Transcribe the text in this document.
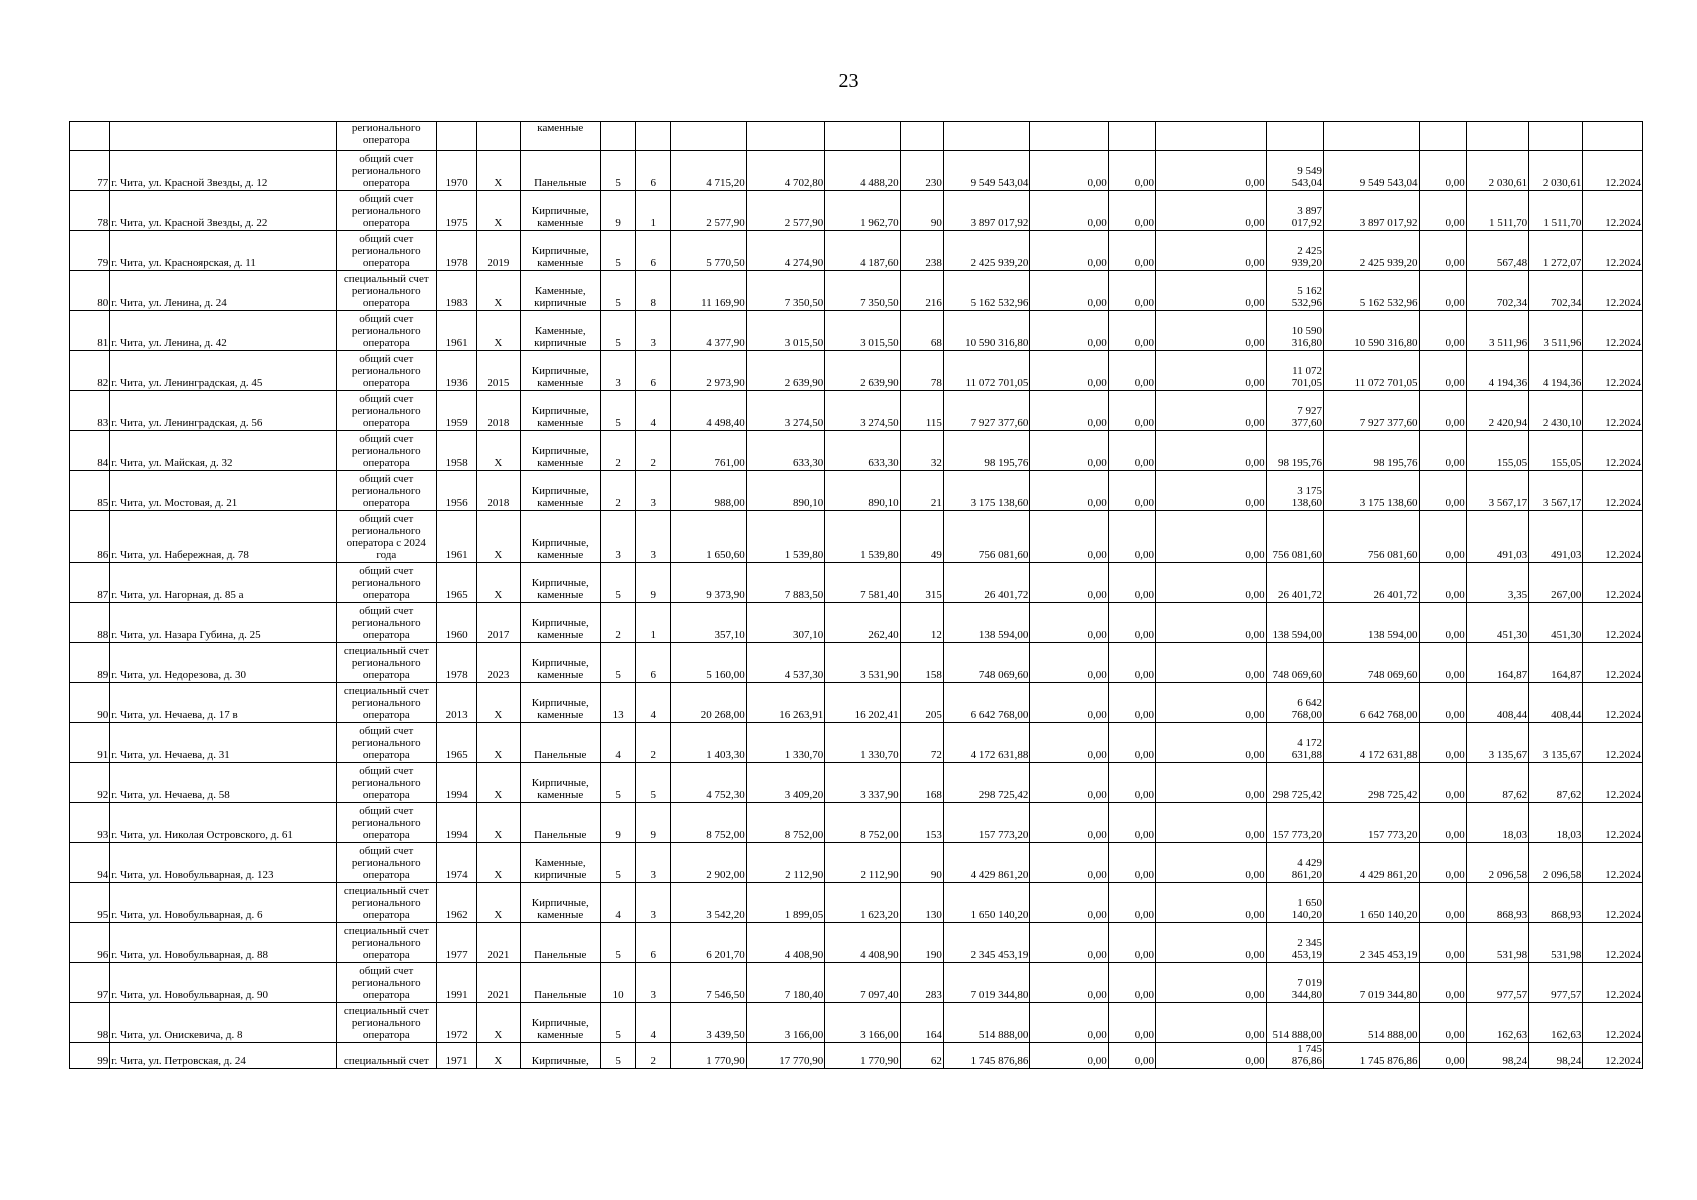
23
		регионального оператора			каменные																
77	г. Чита, ул. Красной Звезды, д. 12	общий счет регионального оператора	1970	X	Панельные	5	6	4 715,20	4 702,80	4 488,20	230	9 549 543,04	0,00	0,00	0,00	9 549 543,04	9 549 543,04	0,00	2 030,61	2 030,61	12.2024
78	г. Чита, ул. Красной Звезды, д. 22	общий счет регионального оператора	1975	X	Кирпичные, каменные	9	1	2 577,90	2 577,90	1 962,70	90	3 897 017,92	0,00	0,00	0,00	3 897 017,92	3 897 017,92	0,00	1 511,70	1 511,70	12.2024
79	г. Чита, ул. Красноярская, д. 11	общий счет регионального оператора	1978	2019	Кирпичные, каменные	5	6	5 770,50	4 274,90	4 187,60	238	2 425 939,20	0,00	0,00	0,00	2 425 939,20	2 425 939,20	0,00	567,48	1 272,07	12.2024
80	г. Чита, ул. Ленина, д. 24	специальный счет регионального оператора	1983	X	Каменные, кирпичные	5	8	11 169,90	7 350,50	7 350,50	216	5 162 532,96	0,00	0,00	0,00	5 162 532,96	5 162 532,96	0,00	702,34	702,34	12.2024
81	г. Чита, ул. Ленина, д. 42	общий счет регионального оператора	1961	X	Каменные, кирпичные	5	3	4 377,90	3 015,50	3 015,50	68	10 590 316,80	0,00	0,00	0,00	10 590 316,80	10 590 316,80	0,00	3 511,96	3 511,96	12.2024
82	г. Чита, ул. Ленинградская, д. 45	общий счет регионального оператора	1936	2015	Кирпичные, каменные	3	6	2 973,90	2 639,90	2 639,90	78	11 072 701,05	0,00	0,00	0,00	11 072 701,05	11 072 701,05	0,00	4 194,36	4 194,36	12.2024
83	г. Чита, ул. Ленинградская, д. 56	общий счет регионального оператора	1959	2018	Кирпичные, каменные	5	4	4 498,40	3 274,50	3 274,50	115	7 927 377,60	0,00	0,00	0,00	7 927 377,60	7 927 377,60	0,00	2 420,94	2 430,10	12.2024
84	г. Чита, ул. Майская, д. 32	общий счет регионального оператора	1958	X	Кирпичные, каменные	2	2	761,00	633,30	633,30	32	98 195,76	0,00	0,00	0,00	98 195,76	98 195,76	0,00	155,05	155,05	12.2024
85	г. Чита, ул. Мостовая, д. 21	общий счет регионального оператора	1956	2018	Кирпичные, каменные	2	3	988,00	890,10	890,10	21	3 175 138,60	0,00	0,00	0,00	3 175 138,60	3 175 138,60	0,00	3 567,17	3 567,17	12.2024
86	г. Чита, ул. Набережная, д. 78	общий счет регионального оператора с 2024 года	1961	X	Кирпичные, каменные	3	3	1 650,60	1 539,80	1 539,80	49	756 081,60	0,00	0,00	0,00	756 081,60	756 081,60	0,00	491,03	491,03	12.2024
87	г. Чита, ул. Нагорная, д. 85 а	общий счет регионального оператора	1965	X	Кирпичные, каменные	5	9	9 373,90	7 883,50	7 581,40	315	26 401,72	0,00	0,00	0,00	26 401,72	26 401,72	0,00	3,35	267,00	12.2024
88	г. Чита, ул. Назара Губина, д. 25	общий счет регионального оператора	1960	2017	Кирпичные, каменные	2	1	357,10	307,10	262,40	12	138 594,00	0,00	0,00	0,00	138 594,00	138 594,00	0,00	451,30	451,30	12.2024
89	г. Чита, ул. Недорезова, д. 30	специальный счет регионального оператора	1978	2023	Кирпичные, каменные	5	6	5 160,00	4 537,30	3 531,90	158	748 069,60	0,00	0,00	0,00	748 069,60	748 069,60	0,00	164,87	164,87	12.2024
90	г. Чита, ул. Нечаева, д. 17 в	специальный счет регионального оператора	2013	X	Кирпичные, каменные	13	4	20 268,00	16 263,91	16 202,41	205	6 642 768,00	0,00	0,00	0,00	6 642 768,00	6 642 768,00	0,00	408,44	408,44	12.2024
91	г. Чита, ул. Нечаева, д. 31	общий счет регионального оператора	1965	X	Панельные	4	2	1 403,30	1 330,70	1 330,70	72	4 172 631,88	0,00	0,00	0,00	4 172 631,88	4 172 631,88	0,00	3 135,67	3 135,67	12.2024
92	г. Чита, ул. Нечаева, д. 58	общий счет регионального оператора	1994	X	Кирпичные, каменные	5	5	4 752,30	3 409,20	3 337,90	168	298 725,42	0,00	0,00	0,00	298 725,42	298 725,42	0,00	87,62	87,62	12.2024
93	г. Чита, ул. Николая Островского, д. 61	общий счет регионального оператора	1994	X	Панельные	9	9	8 752,00	8 752,00	8 752,00	153	157 773,20	0,00	0,00	0,00	157 773,20	157 773,20	0,00	18,03	18,03	12.2024
94	г. Чита, ул. Новобульварная, д. 123	общий счет регионального оператора	1974	X	Каменные, кирпичные	5	3	2 902,00	2 112,90	2 112,90	90	4 429 861,20	0,00	0,00	0,00	4 429 861,20	4 429 861,20	0,00	2 096,58	2 096,58	12.2024
95	г. Чита, ул. Новобульварная, д. 6	специальный счет регионального оператора	1962	X	Кирпичные, каменные	4	3	3 542,20	1 899,05	1 623,20	130	1 650 140,20	0,00	0,00	0,00	1 650 140,20	1 650 140,20	0,00	868,93	868,93	12.2024
96	г. Чита, ул. Новобульварная, д. 88	специальный счет регионального оператора	1977	2021	Панельные	5	6	6 201,70	4 408,90	4 408,90	190	2 345 453,19	0,00	0,00	0,00	2 345 453,19	2 345 453,19	0,00	531,98	531,98	12.2024
97	г. Чита, ул. Новобульварная, д. 90	общий счет регионального оператора	1991	2021	Панельные	10	3	7 546,50	7 180,40	7 097,40	283	7 019 344,80	0,00	0,00	0,00	7 019 344,80	7 019 344,80	0,00	977,57	977,57	12.2024
98	г. Чита, ул. Онискевича, д. 8	специальный счет регионального оператора	1972	X	Кирпичные, каменные	5	4	3 439,50	3 166,00	3 166,00	164	514 888,00	0,00	0,00	0,00	514 888,00	514 888,00	0,00	162,63	162,63	12.2024
99	г. Чита, ул. Петровская, д. 24	специальный счет	1971	X	Кирпичные,	5	2	1 770,90	17 770,90	1 770,90	62	1 745 876,86	0,00	0,00	0,00	1 745 876,86	1 745 876,86	0,00	98,24	98,24	12.2024
